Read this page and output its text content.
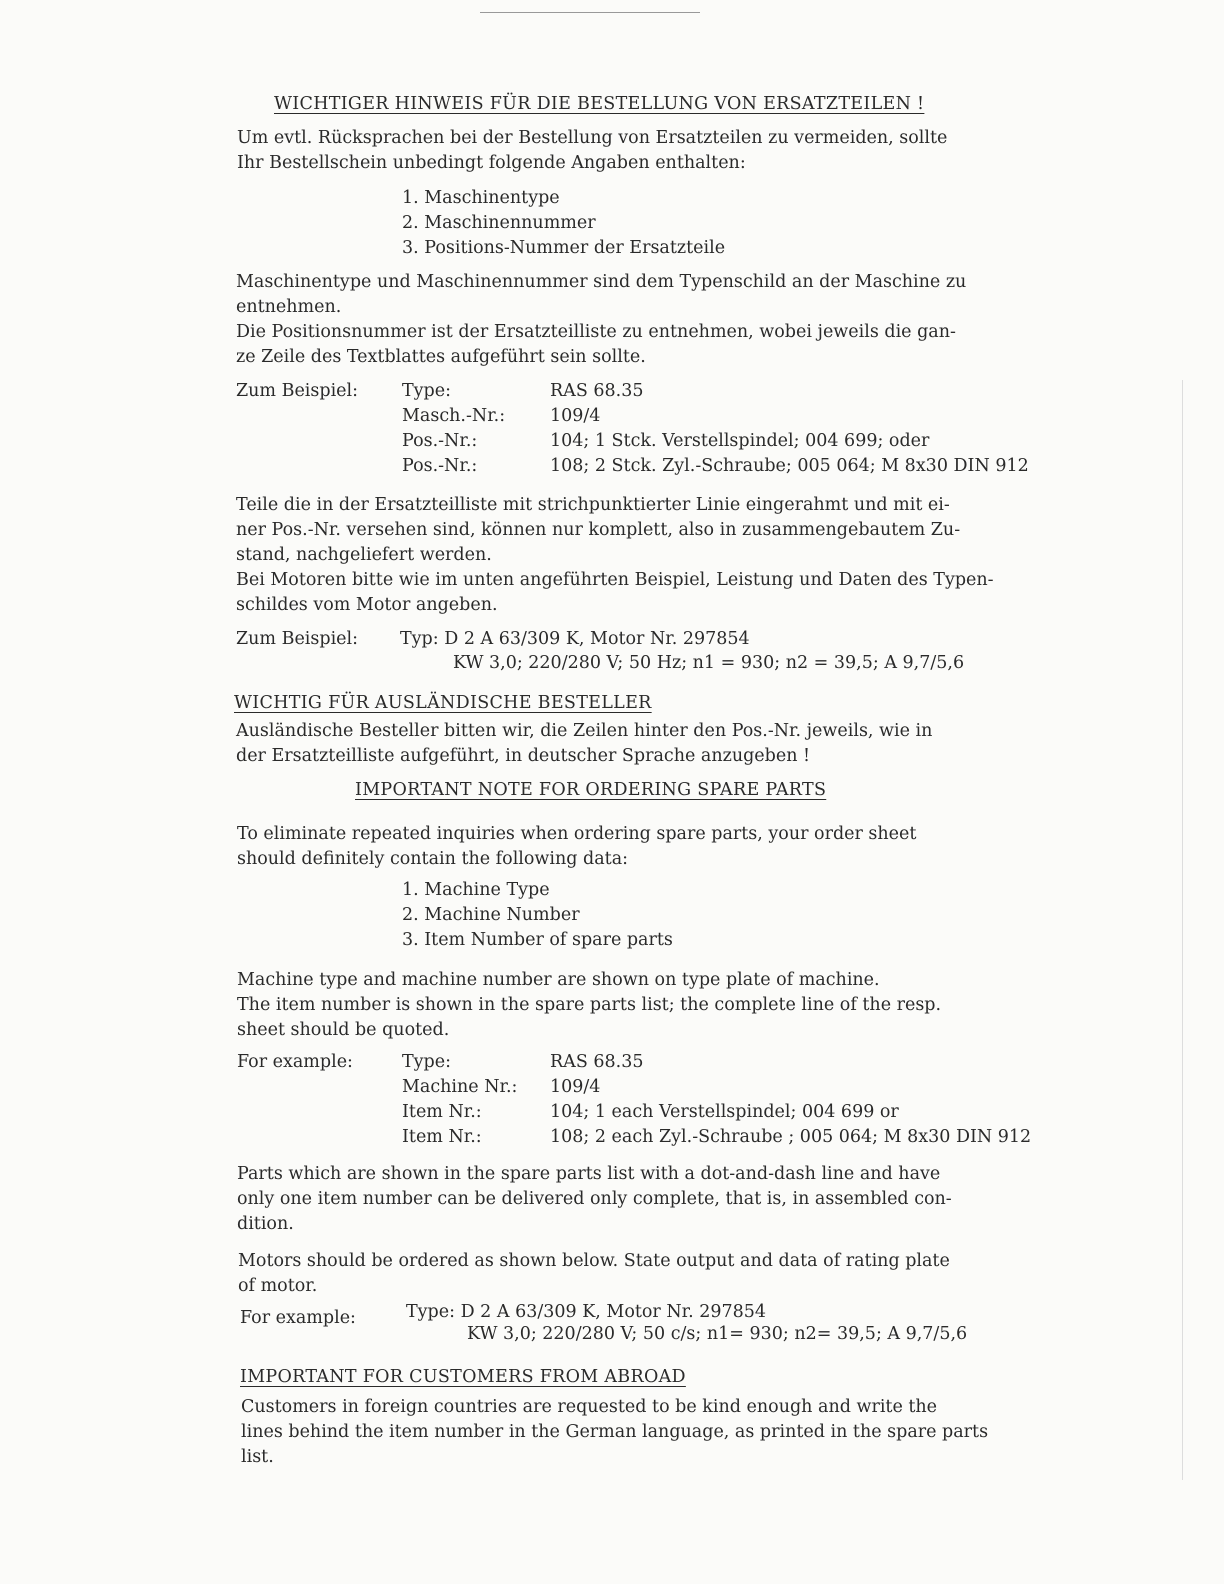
WICHTIGER HINWEIS FÜR DIE BESTELLUNG VON ERSATZTEILEN !
Um evtl. Rücksprachen bei der Bestellung von Ersatzteilen zu vermeiden, sollte
Ihr Bestellschein unbedingt folgende Angaben enthalten:
1. Maschinentype
2. Maschinennummer
3. Positions-Nummer der Ersatzteile
Maschinentype und Maschinennummer sind dem Typenschild an der Maschine zu
entnehmen.
Die Positionsnummer ist der Ersatzteilliste zu entnehmen, wobei jeweils die gan-
ze Zeile des Textblattes aufgeführt sein sollte.
Zum Beispiel:	Type:	RAS 68.35
Masch.-Nr.:	109/4
Pos.-Nr.:	104; 1 Stck. Verstellspindel; 004 699; oder
Pos.-Nr.:	108; 2 Stck. Zyl.-Schraube; 005 064; M 8x30 DIN 912
Teile die in der Ersatzteilliste mit strichpunktierter Linie eingerahmt und mit ei-
ner Pos.-Nr. versehen sind, können nur komplett, also in zusammengebautem Zu-
stand, nachgeliefert werden.
Bei Motoren bitte wie im unten angeführten Beispiel, Leistung und Daten des Typen-
schildes vom Motor angeben.
Zum Beispiel: Typ: D 2 A 63/309 K, Motor Nr. 297854
KW 3,0; 220/280 V; 50 Hz; n1 = 930; n2 = 39,5; A 9,7/5,6
WICHTIG FÜR AUSLÄNDISCHE BESTELLER
Ausländische Besteller bitten wir, die Zeilen hinter den Pos.-Nr. jeweils, wie in
der Ersatzteilliste aufgeführt, in deutscher Sprache anzugeben !
IMPORTANT NOTE FOR ORDERING SPARE PARTS
To eliminate repeated inquiries when ordering spare parts, your order sheet
should definitely contain the following data:
1. Machine Type
2. Machine Number
3. Item Number of spare parts
Machine type and machine number are shown on type plate of machine.
The item number is shown in the spare parts list; the complete line of the resp.
sheet should be quoted.
For example:	Type:	RAS 68.35
Machine Nr.:	109/4
Item Nr.:	104; 1 each Verstellspindel; 004 699 or
Item Nr.:	108; 2 each Zyl.-Schraube ; 005 064; M 8x30 DIN 912
Parts which are shown in the spare parts list with a dot-and-dash line and have
only one item number can be delivered only complete, that is, in assembled con-
dition.
Motors should be ordered as shown below. State output and data of rating plate
of motor.
For example:	Type: D 2 A 63/309 K, Motor Nr. 297854
KW 3,0; 220/280 V; 50 c/s; n1= 930; n2= 39,5; A 9,7/5,6
IMPORTANT FOR CUSTOMERS FROM ABROAD
Customers in foreign countries are requested to be kind enough and write the
lines behind the item number in the German language, as printed in the spare parts
list.
